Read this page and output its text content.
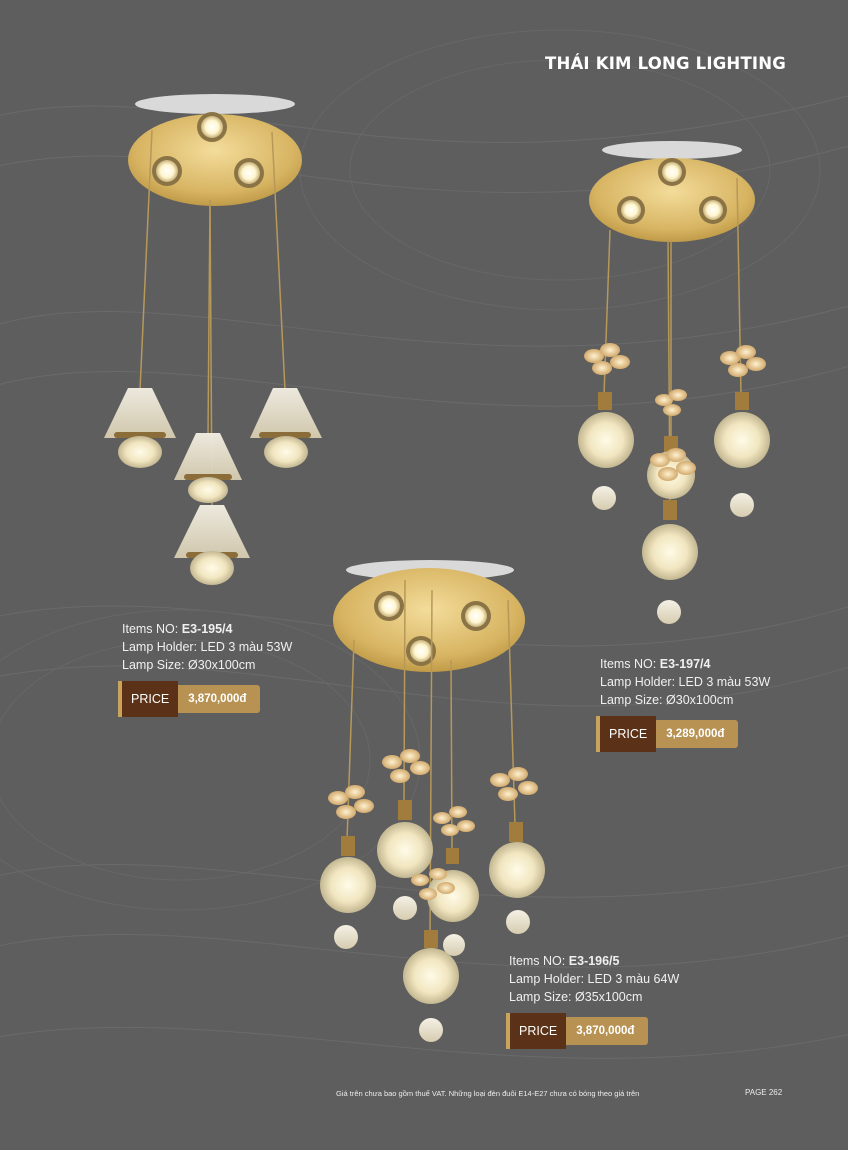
THÁI KIM LONG LIGHTING
Items NO: E3-195/4
Lamp Holder: LED 3 màu 53W
Lamp Size: Ø30x100cm
PRICE	3,870,000đ
Items NO: E3-197/4
Lamp Holder: LED 3 màu 53W
Lamp Size: Ø30x100cm
PRICE	3,289,000đ
Items NO: E3-196/5
Lamp Holder: LED 3 màu 64W
Lamp Size: Ø35x100cm
PRICE	3,870,000đ
Giá trên chưa bao gồm thuế VAT. Những loại đèn đuôi E14-E27 chưa có bóng theo giá trên	PAGE 262
